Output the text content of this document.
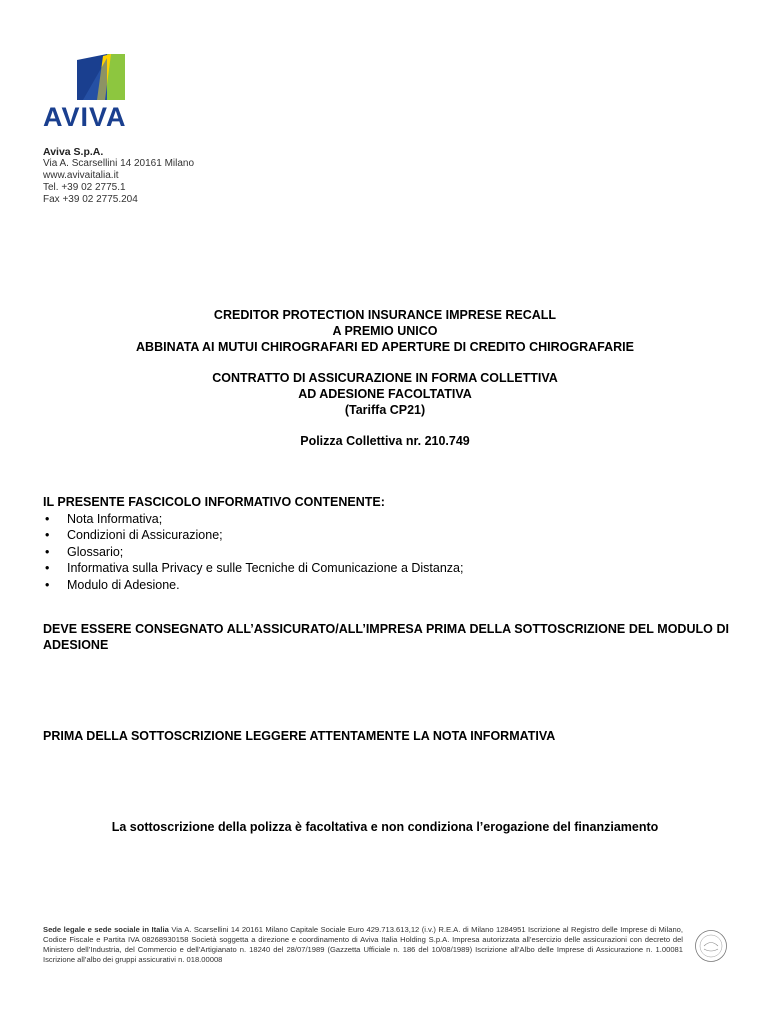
AVIVA
Aviva S.p.A.
Via A. Scarsellini 14 20161 Milano
www.avivaitalia.it
Tel. +39 02 2775.1
Fax +39 02 2775.204
CREDITOR PROTECTION INSURANCE IMPRESE RECALL
A PREMIO UNICO
ABBINATA AI MUTUI CHIROGRAFARI ED APERTURE DI CREDITO CHIROGRAFARIE
CONTRATTO DI ASSICURAZIONE IN FORMA COLLETTIVA
AD ADESIONE FACOLTATIVA
(Tariffa CP21)
Polizza Collettiva nr. 210.749
IL PRESENTE FASCICOLO INFORMATIVO CONTENENTE:
• Nota Informativa;
• Condizioni di Assicurazione;
• Glossario;
• Informativa sulla Privacy e sulle Tecniche di Comunicazione a Distanza;
• Modulo di Adesione.
DEVE ESSERE CONSEGNATO ALL’ASSICURATO/ALL’IMPRESA PRIMA DELLA SOTTOSCRIZIONE DEL MODULO DI ADESIONE
PRIMA DELLA SOTTOSCRIZIONE LEGGERE ATTENTAMENTE LA NOTA INFORMATIVA
La sottoscrizione della polizza è facoltativa e non condiziona l’erogazione del finanziamento
Sede legale e sede sociale in Italia Via A. Scarsellini 14 20161 Milano Capitale Sociale Euro 429.713.613,12 (i.v.) R.E.A. di Milano 1284951 Iscrizione al Registro delle Imprese di Milano, Codice Fiscale e Partita IVA 08268930158 Società soggetta a direzione e coordinamento di Aviva Italia Holding S.p.A. Impresa autorizzata all’esercizio delle assicurazioni con decreto del Ministero dell’Industria, del Commercio e dell’Artigianato n. 18240 del 28/07/1989 (Gazzetta Ufficiale n. 186 del 10/08/1989) Iscrizione all’Albo delle Imprese di Assicurazione n. 1.00081 Iscrizione all’albo dei gruppi assicurativi n. 018.00008
